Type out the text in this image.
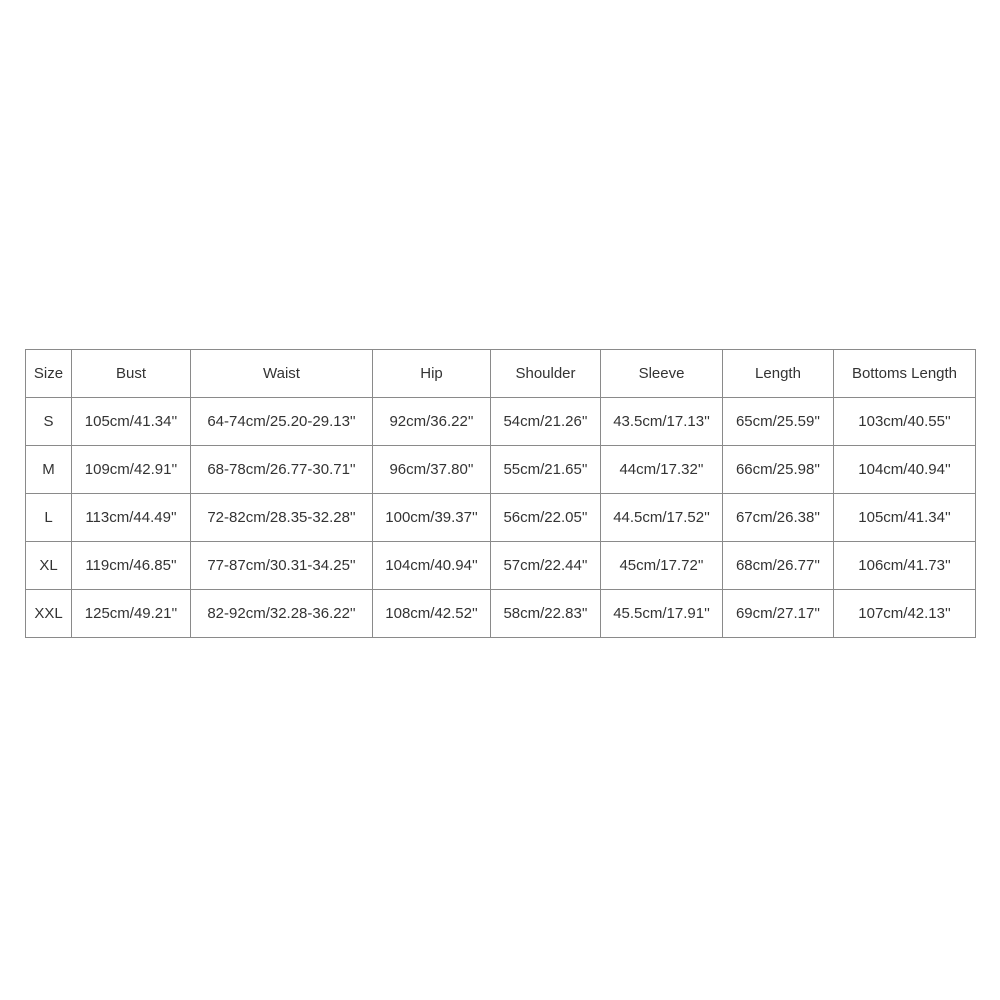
Size	Bust	Waist	Hip	Shoulder	Sleeve	Length	Bottoms Length
S	105cm/41.34''	64-74cm/25.20-29.13''	92cm/36.22''	54cm/21.26''	43.5cm/17.13''	65cm/25.59''	103cm/40.55''
M	109cm/42.91''	68-78cm/26.77-30.71''	96cm/37.80''	55cm/21.65''	44cm/17.32''	66cm/25.98''	104cm/40.94''
L	113cm/44.49''	72-82cm/28.35-32.28''	100cm/39.37''	56cm/22.05''	44.5cm/17.52''	67cm/26.38''	105cm/41.34''
XL	119cm/46.85''	77-87cm/30.31-34.25''	104cm/40.94''	57cm/22.44''	45cm/17.72''	68cm/26.77''	106cm/41.73''
XXL	125cm/49.21''	82-92cm/32.28-36.22''	108cm/42.52''	58cm/22.83''	45.5cm/17.91''	69cm/27.17''	107cm/42.13''
